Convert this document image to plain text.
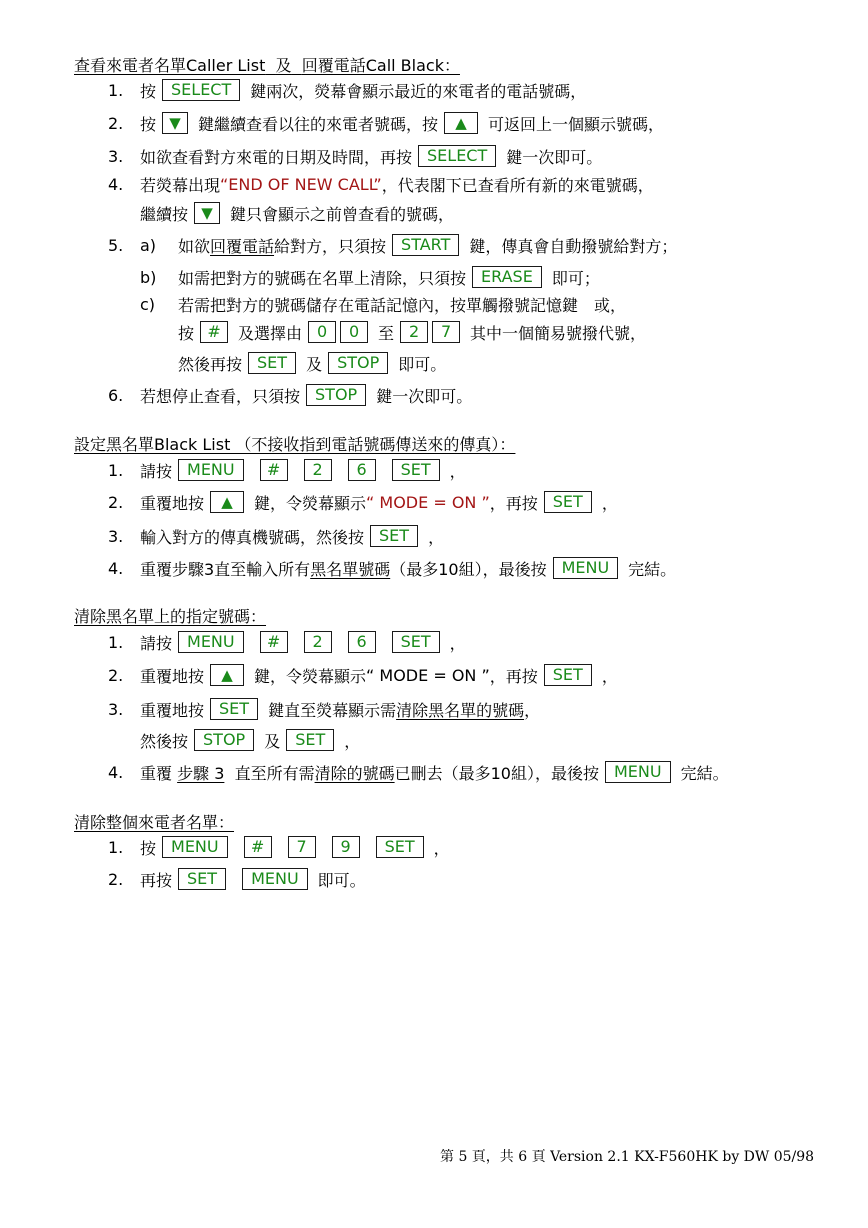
查看來電者名單Caller List 及 回覆電話Call Black：
1.	按 SELECT	鍵兩次，熒幕會顯示最近的來電者的電話號碼，
2.	按 ▼	鍵繼續查看以往的來電者號碼，按	▲	可返回上一個顯示號碼，
3.	如欲查看對方來電的日期及時間，再按 SELECT	鍵一次即可。
4.	若熒幕出現 “END OF NEW CALL” ，代表閣下已查看所有新的來電號碼，
繼續按 ▼	鍵只會顯示之前曾查看的號碼，
5.	a)	如欲 回覆電話 給對方，只須按 START	鍵，傳真會自動撥號給對方；
b)	如需把對方的號碼在名單上清除，只須按 ERASE	即可；
c)	若需把對方的號碼儲存在電話記憶內，按單觸撥號記憶鍵　或，
按 #	及選擇由 0	0	至 2	7	其中一個簡易號撥代號，
然後再按 SET	及 STOP	即可。
6.	若想停止查看，只須按 STOP	鍵一次即可。
設定黑名單Black List （不接收指到電話號碼傳送來的傳真）：
1.	請按 MENU	#	2	6	SET	，
2.	重覆地按	▲	鍵，令熒幕顯示 “ MODE = ON ” ，再按 SET	，
3.	輸入對方的傳真機號碼，然後按 SET	，
4.	重覆步驟3直至輸入所有 黑名單號碼 （最多10組），最後按 MENU	完結。
清除黑名單上的指定號碼：
1.	請按 MENU	#	2	6	SET	，
2.	重覆地按	▲	鍵，令熒幕顯示 “ MODE = ON ” ，再按 SET	，
3.	重覆地按 SET	鍵直至熒幕顯示需 清除黑名單的號碼 ，
然後按 STOP	及 SET	，
4.	重覆
步驟 3
直至所有需 清除的號碼 已刪去（最多10組），最後按 MENU	完結。
清除整個來電者名單：
1.	按 MENU	#	7	9	SET	，
2.	再按 SET	MENU	即可。
第 5 頁，共 6 頁 Version 2.1 KX-F560HK by DW 05/98
